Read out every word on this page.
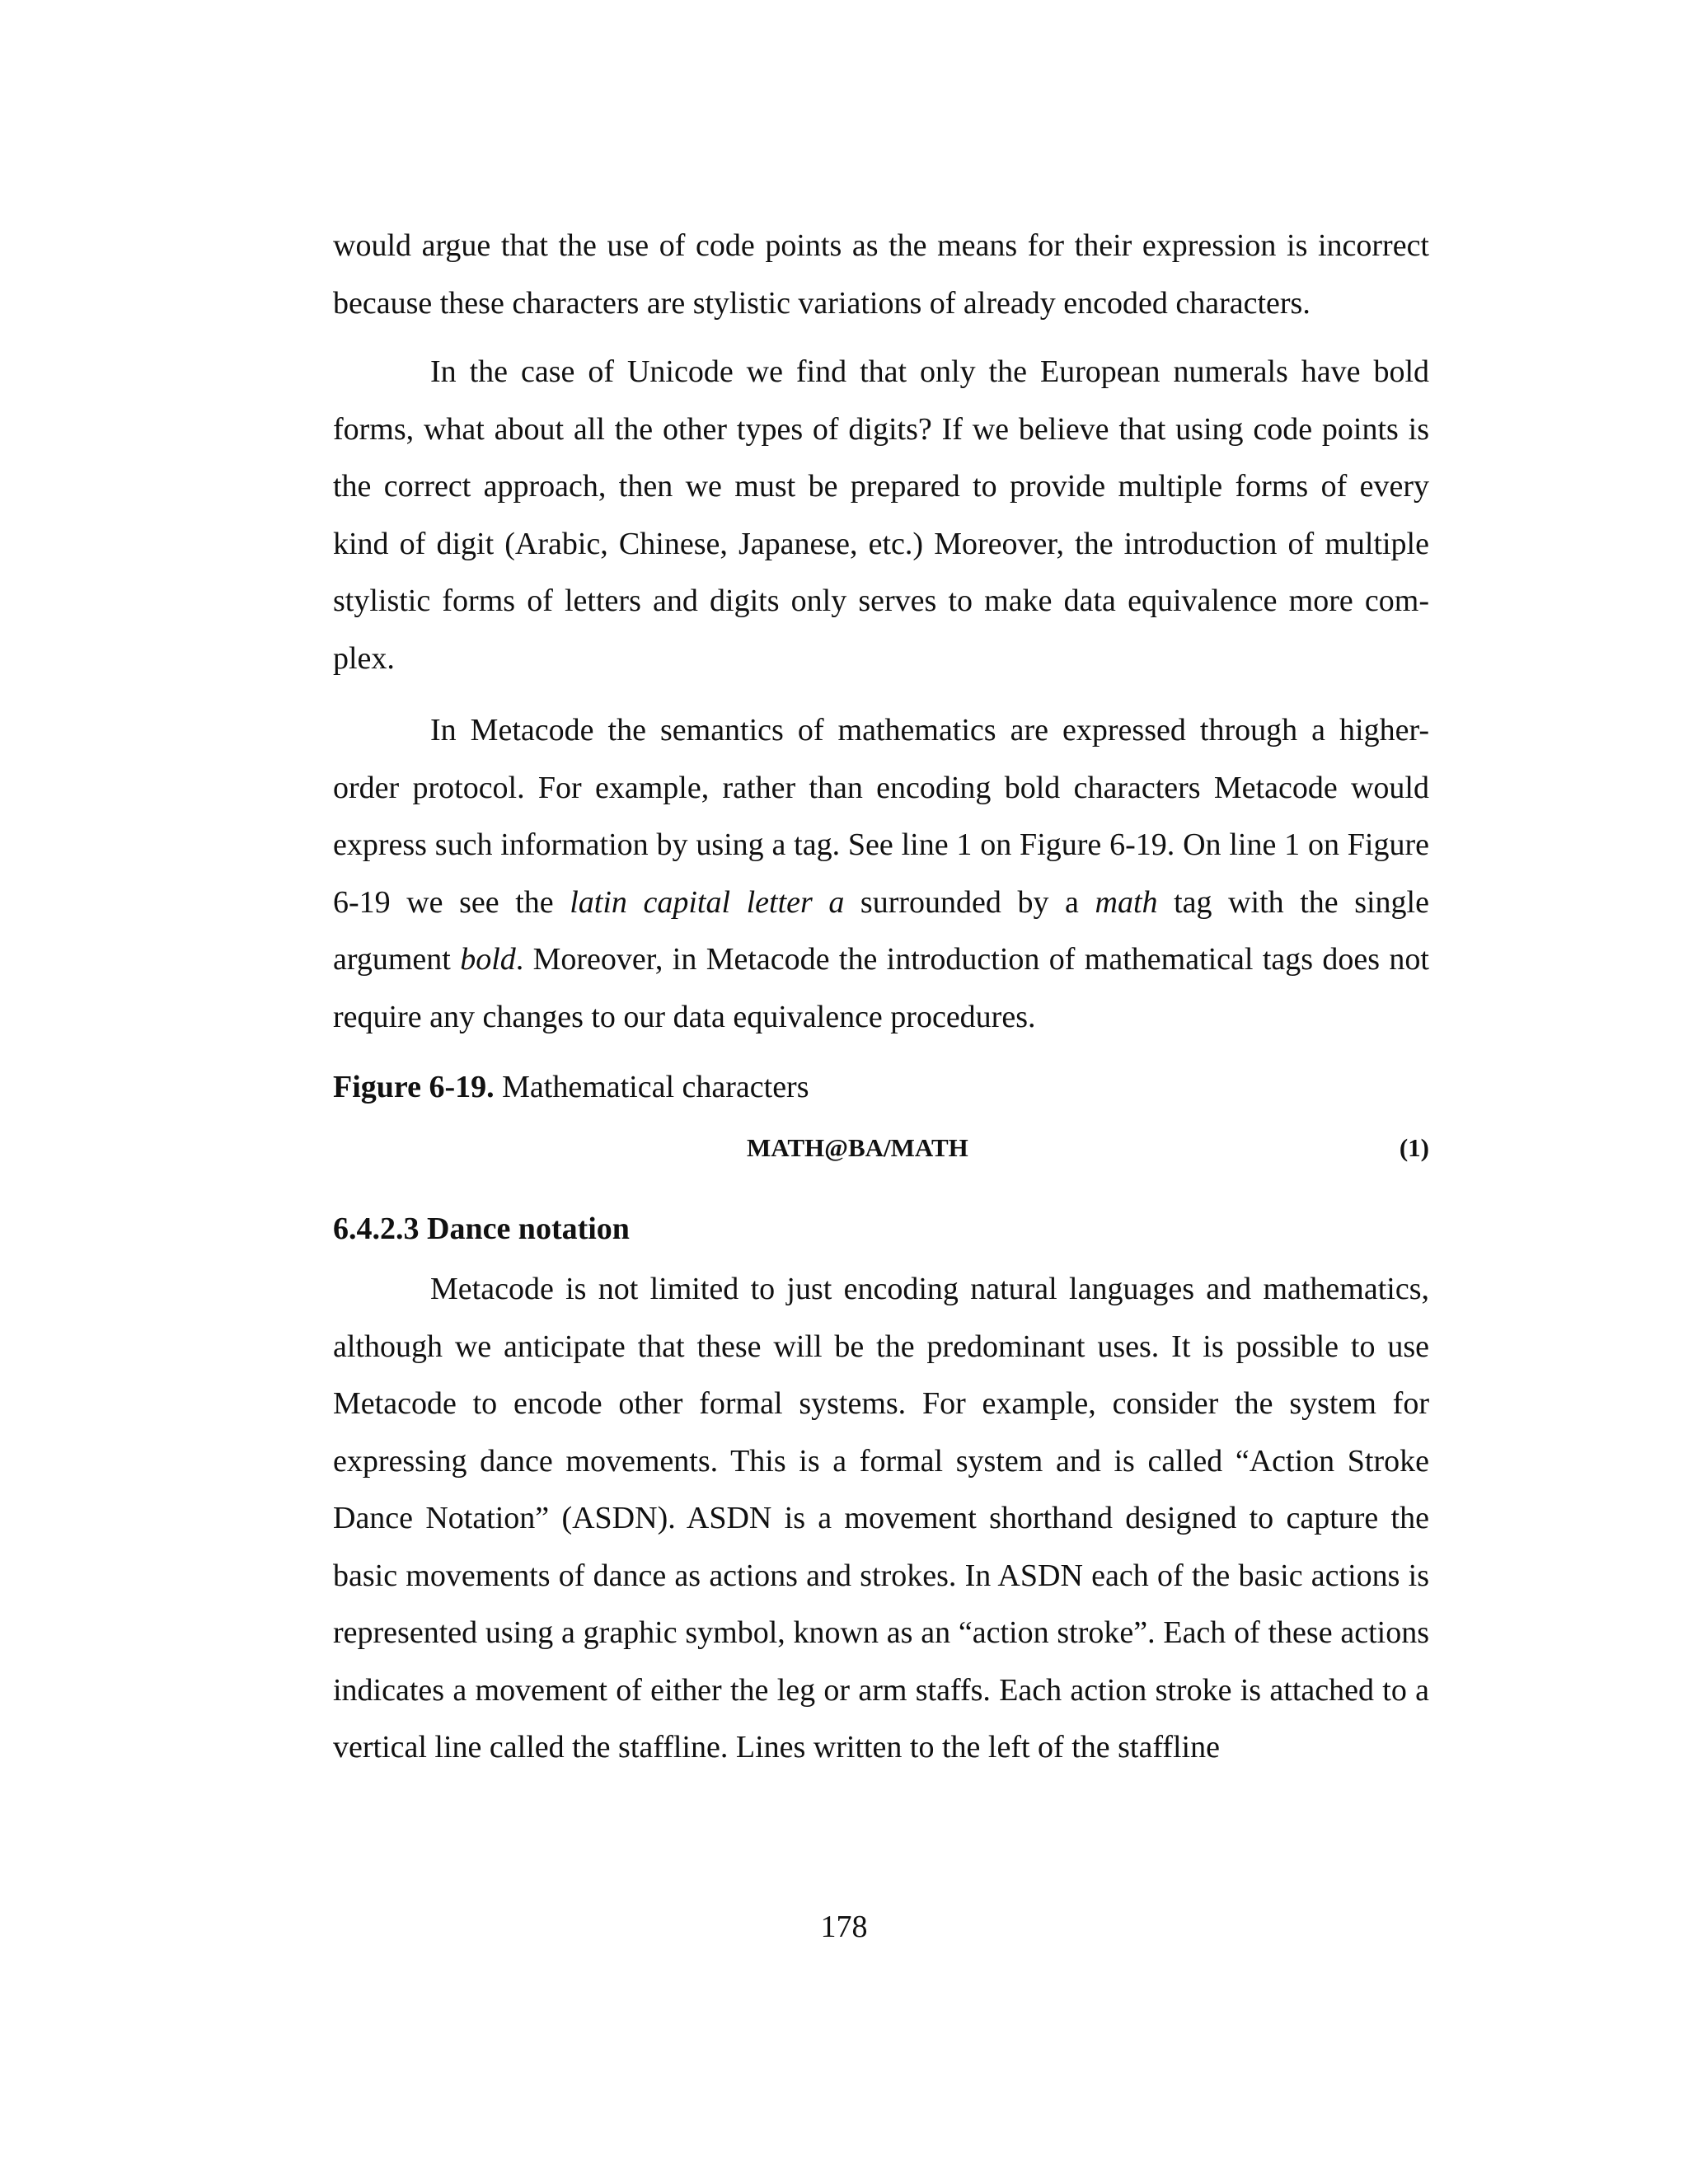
would argue that the use of code points as the means for their expression is incorrect because these characters are stylistic variations of already encoded characters.

In the case of Unicode we find that only the European numerals have bold forms, what about all the other types of digits? If we believe that using code points is the correct approach, then we must be prepared to provide multiple forms of every kind of digit (Arabic, Chinese, Japanese, etc.) Moreover, the introduction of multiple stylistic forms of letters and digits only serves to make data equivalence more com-plex.

In Metacode the semantics of mathematics are expressed through a higher-order protocol. For example, rather than encoding bold characters Metacode would express such information by using a tag. See line 1 on Figure 6-19. On line 1 on Figure 6-19 we see the latin capital letter a surrounded by a math tag with the single argument bold. Moreover, in Metacode the introduction of mathematical tags does not require any changes to our data equivalence procedures.

Figure 6-19. Mathematical characters
MATH@BA/MATH	(1)
6.4.2.3 Dance notation

Metacode is not limited to just encoding natural languages and mathematics, although we anticipate that these will be the predominant uses. It is possible to use Metacode to encode other formal systems. For example, consider the system for expressing dance movements. This is a formal system and is called “Action Stroke Dance Notation” (ASDN). ASDN is a movement shorthand designed to capture the basic movements of dance as actions and strokes. In ASDN each of the basic actions is represented using a graphic symbol, known as an “action stroke”. Each of these actions indicates a movement of either the leg or arm staffs. Each action stroke is attached to a vertical line called the staffline. Lines written to the left of the staffline

178
